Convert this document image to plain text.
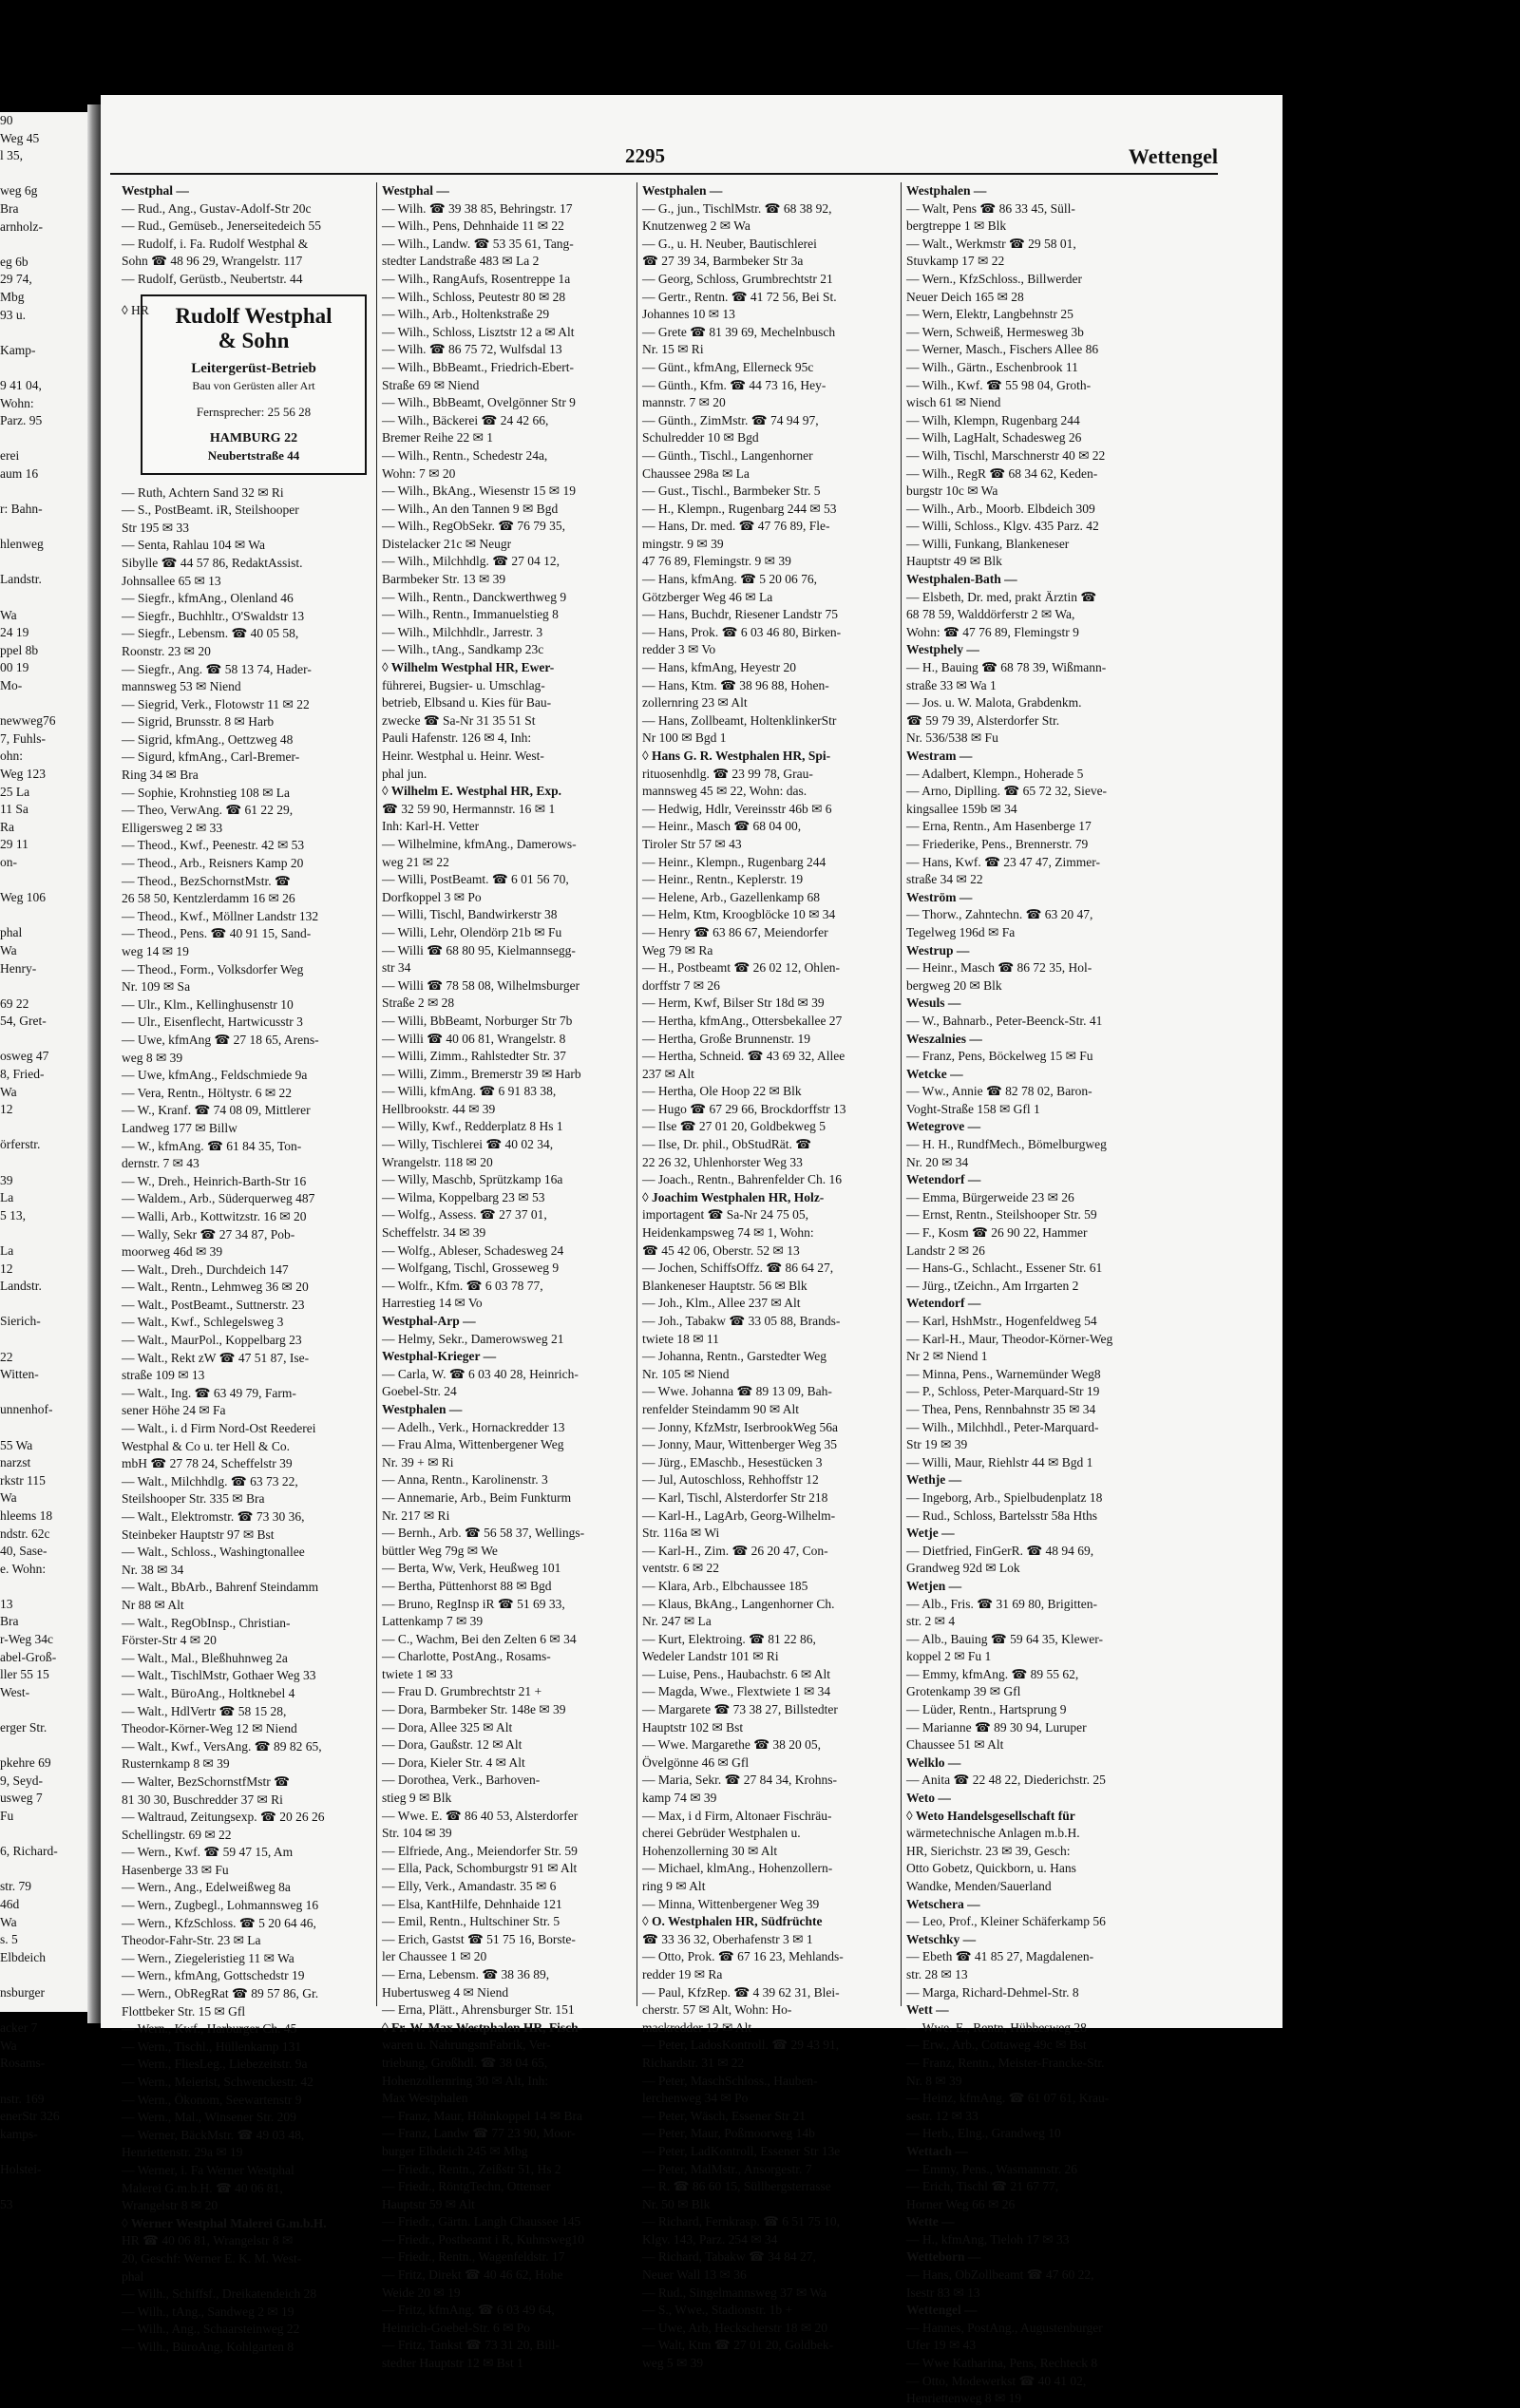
90
Weg 45
l 35,

weg 6g
Bra
arnholz-

eg 6b
29 74,
Mbg
93 u.

Kamp-

9 41 04,
Wohn:
Parz. 95

erei
aum 16

r: Bahn-

hlenweg

Landstr.

Wa
24 19
ppel 8b
00 19
Mo-

newweg76
7, Fuhls-
ohn:
Weg 123
25 La
11 Sa
Ra
29 11
on-

Weg 106

phal
Wa
Henry-

69 22
54, Gret-

osweg 47
8, Fried-
Wa
12

örferstr.

39
La
5 13,

La
12
Landstr.

Sierich-

22
Witten-

unnenhof-

55 Wa
narzst
rkstr 115
Wa
hleems 18
ndstr. 62c
40, Sase-
e. Wohn:

13
Bra
r-Weg 34c
abel-Groß-
ller 55 15
West-

erger Str.

pkehre 69
9, Seyd-
usweg 7
Fu

6, Richard-

str. 79
46d
Wa
s. 5
Elbdeich

nsburger

acker 7
Wa
Rosams-

nstr. 169
enerStr 326
kamps-

Holstei-

53
2295	Wettengel
Westphal —
— Rud., Ang., Gustav-Adolf-Str 20c
— Rud., Gemüseb., Jenerseitedeich 55
— Rudolf, i. Fa. Rudolf Westphal &
Sohn ☎ 48 96 29, Wrangelstr. 117
— Rudolf, Gerüstb., Neubertstr. 44
◊ HR	Rudolf Westphal
& Sohn
Leitergerüst-Betrieb
Bau von Gerüsten aller Art
Fernsprecher: 25 56 28
HAMBURG 22
Neubertstraße 44
— Ruth, Achtern Sand 32 ✉ Ri
— S., PostBeamt. iR, Steilshooper
Str 195 ✉ 33
— Senta, Rahlau 104 ✉ Wa
Sibylle ☎ 44 57 86, RedaktAssist.
Johnsallee 65 ✉ 13
— Siegfr., kfmAng., Olenland 46
— Siegfr., Buchhltr., O'Swaldstr 13
— Siegfr., Lebensm. ☎ 40 05 58,
Roonstr. 23 ✉ 20
— Siegfr., Ang. ☎ 58 13 74, Hader-
mannsweg 53 ✉ Niend
— Siegrid, Verk., Flotowstr 11 ✉ 22
— Sigrid, Brunsstr. 8 ✉ Harb
— Sigrid, kfmAng., Oettzweg 48
— Sigurd, kfmAng., Carl-Bremer-
Ring 34 ✉ Bra
— Sophie, Krohnstieg 108 ✉ La
— Theo, VerwAng. ☎ 61 22 29,
Elligersweg 2 ✉ 33
— Theod., Kwf., Peenestr. 42 ✉ 53
— Theod., Arb., Reisners Kamp 20
— Theod., BezSchornstMstr. ☎
26 58 50, Kentzlerdamm 16 ✉ 26
— Theod., Kwf., Möllner Landstr 132
— Theod., Pens. ☎ 40 91 15, Sand-
weg 14 ✉ 19
— Theod., Form., Volksdorfer Weg
Nr. 109 ✉ Sa
— Ulr., Klm., Kellinghusenstr 10
— Ulr., Eisenflecht, Hartwicusstr 3
— Uwe, kfmAng ☎ 27 18 65, Arens-
weg 8 ✉ 39
— Uwe, kfmAng., Feldschmiede 9a
— Vera, Rentn., Höltystr. 6 ✉ 22
— W., Kranf. ☎ 74 08 09, Mittlerer
Landweg 177 ✉ Billw
— W., kfmAng. ☎ 61 84 35, Ton-
dernstr. 7 ✉ 43
— W., Dreh., Heinrich-Barth-Str 16
— Waldem., Arb., Süderquerweg 487
— Walli, Arb., Kottwitzstr. 16 ✉ 20
— Wally, Sekr ☎ 27 34 87, Pob-
moorweg 46d ✉ 39
— Walt., Dreh., Durchdeich 147
— Walt., Rentn., Lehmweg 36 ✉ 20
— Walt., PostBeamt., Suttnerstr. 23
— Walt., Kwf., Schlegelsweg 3
— Walt., MaurPol., Koppelbarg 23
— Walt., Rekt zW ☎ 47 51 87, Ise-
straße 109 ✉ 13
— Walt., Ing. ☎ 63 49 79, Farm-
sener Höhe 24 ✉ Fa
— Walt., i. d Firm Nord-Ost Reederei
Westphal & Co u. ter Hell & Co.
mbH ☎ 27 78 24, Scheffelstr 39
— Walt., Milchhdlg. ☎ 63 73 22,
Steilshooper Str. 335 ✉ Bra
— Walt., Elektromstr. ☎ 73 30 36,
Steinbeker Hauptstr 97 ✉ Bst
— Walt., Schloss., Washingtonallee
Nr. 38 ✉ 34
— Walt., BbArb., Bahrenf Steindamm
Nr 88 ✉ Alt
— Walt., RegObInsp., Christian-
Förster-Str 4 ✉ 20
— Walt., Mal., Bleßhuhnweg 2a
— Walt., TischlMstr, Gothaer Weg 33
— Walt., BüroAng., Holtknebel 4
— Walt., HdlVertr ☎ 58 15 28,
Theodor-Körner-Weg 12 ✉ Niend
— Walt., Kwf., VersAng. ☎ 89 82 65,
Rusternkamp 8 ✉ 39
— Walter, BezSchornstfMstr ☎
81 30 30, Buschredder 37 ✉ Ri
— Waltraud, Zeitungsexp. ☎ 20 26 26
Schellingstr. 69 ✉ 22
— Wern., Kwf. ☎ 59 47 15, Am
Hasenberge 33 ✉ Fu
— Wern., Ang., Edelweißweg 8a
— Wern., Zugbegl., Lohmannsweg 16
— Wern., KfzSchloss. ☎ 5 20 64 46,
Theodor-Fahr-Str. 23 ✉ La
— Wern., Ziegeleristieg 11 ✉ Wa
— Wern., kfmAng, Gottschedstr 19
— Wern., ObRegRat ☎ 89 57 86, Gr.
Flottbeker Str. 15 ✉ Gfl
— Wern., Kwf., Harburger Ch. 45
— Wern., Tischl., Hüllenkamp 131
— Wern., FliesLeg., Liebezeitstr. 9a
— Wern., Meierist, Schwenckestr. 42
— Wern., Ökonom, Seewartenstr 9
— Wern., Mal., Winsener Str. 209
— Werner, BäckMstr. ☎ 49 03 48,
Henriettenstr. 29a ✉ 19
— Werner, i. Fa Werner Westphal
Malerei G.m.b.H. ☎ 40 06 81,
Wrangelstr 8 ✉ 20
◊ Werner Westphal Malerei G.m.b.H.
HR ☎ 40 06 81, Wrangelstr 8 ✉
20, Geschf: Werner E. K. M. West-
phal
— Wilh., Schiffsf., Dreikatendeich 28
— Wilh., tAng., Sandweg 2 ✉ 19
— Wilh., Ang., Schaarsteinweg 22
— Wilh., BüroAng, Kohlgarten 8
Westphal —
— Wilh. ☎ 39 38 85, Behringstr. 17
— Wilh., Pens, Dehnhaide 11 ✉ 22
— Wilh., Landw. ☎ 53 35 61, Tang-
stedter Landstraße 483 ✉ La 2
— Wilh., RangAufs, Rosentreppe 1a
— Wilh., Schloss, Peutestr 80 ✉ 28
— Wilh., Arb., Holtenkstraße 29
— Wilh., Schloss, Lisztstr 12 a ✉ Alt
— Wilh. ☎ 86 75 72, Wulfsdal 13
— Wilh., BbBeamt., Friedrich-Ebert-
Straße 69 ✉ Niend
— Wilh., BbBeamt, Ovelgönner Str 9
— Wilh., Bäckerei ☎ 24 42 66,
Bremer Reihe 22 ✉ 1
— Wilh., Rentn., Schedestr 24a,
Wohn: 7 ✉ 20
— Wilh., BkAng., Wiesenstr 15 ✉ 19
— Wilh., An den Tannen 9 ✉ Bgd
— Wilh., RegObSekr. ☎ 76 79 35,
Distelacker 21c ✉ Neugr
— Wilh., Milchhdlg. ☎ 27 04 12,
Barmbeker Str. 13 ✉ 39
— Wilh., Rentn., Danckwerthweg 9
— Wilh., Rentn., Immanuelstieg 8
— Wilh., Milchhdlr., Jarrestr. 3
— Wilh., tAng., Sandkamp 23c
◊ Wilhelm Westphal HR, Ewer-
führerei, Bugsier- u. Umschlag-
betrieb, Elbsand u. Kies für Bau-
zwecke ☎ Sa-Nr 31 35 51 St
Pauli Hafenstr. 126 ✉ 4, Inh:
Heinr. Westphal u. Heinr. West-
phal jun.
◊ Wilhelm E. Westphal HR, Exp.
☎ 32 59 90, Hermannstr. 16 ✉ 1
Inh: Karl-H. Vetter
— Wilhelmine, kfmAng., Damerows-
weg 21 ✉ 22
— Willi, PostBeamt. ☎ 6 01 56 70,
Dorfkoppel 3 ✉ Po
— Willi, Tischl, Bandwirkerstr 38
— Willi, Lehr, Olendörp 21b ✉ Fu
— Willi ☎ 68 80 95, Kielmannsegg-
str 34
— Willi ☎ 78 58 08, Wilhelmsburger
Straße 2 ✉ 28
— Willi, BbBeamt, Norburger Str 7b
— Willi ☎ 40 06 81, Wrangelstr. 8
— Willi, Zimm., Rahlstedter Str. 37
— Willi, Zimm., Bremerstr 39 ✉ Harb
— Willi, kfmAng. ☎ 6 91 83 38,
Hellbrookstr. 44 ✉ 39
— Willy, Kwf., Redderplatz 8 Hs 1
— Willy, Tischlerei ☎ 40 02 34,
Wrangelstr. 118 ✉ 20
— Willy, Maschb, Sprützkamp 16a
— Wilma, Koppelbarg 23 ✉ 53
— Wolfg., Assess. ☎ 27 37 01,
Scheffelstr. 34 ✉ 39
— Wolfg., Ableser, Schadesweg 24
— Wolfgang, Tischl, Grosseweg 9
— Wolfr., Kfm. ☎ 6 03 78 77,
Harrestieg 14 ✉ Vo
Westphal-Arp —
— Helmy, Sekr., Damerowsweg 21
Westphal-Krieger —
— Carla, W. ☎ 6 03 40 28, Heinrich-
Goebel-Str. 24
Westphalen —
— Adelh., Verk., Hornackredder 13
— Frau Alma, Wittenbergener Weg
Nr. 39 + ✉ Ri
— Anna, Rentn., Karolinenstr. 3
— Annemarie, Arb., Beim Funkturm
Nr. 217 ✉ Ri
— Bernh., Arb. ☎ 56 58 37, Wellings-
büttler Weg 79g ✉ We
— Berta, Ww, Verk, Heußweg 101
— Bertha, Püttenhorst 88 ✉ Bgd
— Bruno, RegInsp iR ☎ 51 69 33,
Lattenkamp 7 ✉ 39
— C., Wachm, Bei den Zelten 6 ✉ 34
— Charlotte, PostAng., Rosams-
twiete 1 ✉ 33
— Frau D. Grumbrechtstr 21 +
— Dora, Barmbeker Str. 148e ✉ 39
— Dora, Allee 325 ✉ Alt
— Dora, Gaußstr. 12 ✉ Alt
— Dora, Kieler Str. 4 ✉ Alt
— Dorothea, Verk., Barhoven-
stieg 9 ✉ Blk
— Wwe. E. ☎ 86 40 53, Alsterdorfer
Str. 104 ✉ 39
— Elfriede, Ang., Meiendorfer Str. 59
— Ella, Pack, Schomburgstr 91 ✉ Alt
— Elly, Verk., Amandastr. 35 ✉ 6
— Elsa, KantHilfe, Dehnhaide 121
— Emil, Rentn., Hultschiner Str. 5
— Erich, Gastst ☎ 51 75 16, Borste-
ler Chaussee 1 ✉ 20
— Erna, Lebensm. ☎ 38 36 89,
Hubertusweg 4 ✉ Niend
— Erna, Plätt., Ahrensburger Str. 151
◊ Fr. W. Max Westphalen HR, Fisch-
waren u. NahrungsmFabrik, Ver-
triebung, Großhdl. ☎ 38 04 65,
Hohenzollernring 30 ✉ Alt, Inh:
Max Westphalen
— Franz, Maur, Höhnkoppel 14 ✉ Bra
— Franz, Landw ☎ 77 23 90, Moor-
burger Elbdeich 245 ✉ Mbg
— Friedr., Rentn., Zeißstr 51, Hs 2
— Friedr., RöntgTechn, Ottenser
Hauptstr 59 ✉ Alt
— Friedr., Gärtn. Langh Chaussee 145
— Friedr., Postbeamt i R, Kuhnsweg10
— Friedr., Rentn., Wagenfeldstr. 17
— Fritz, Direkt ☎ 40 46 62, Hohe
Weide 20 ✉ 19
— Fritz, kfmAng. ☎ 6 03 49 64,
Heinrich-Goebel-Str. 6 ✉ Po
— Fritz, Tankst ☎ 73 31 20, Bill-
stedter Hauptstr 12 ✉ Bst 1
Westphalen —
— G., jun., TischlMstr. ☎ 68 38 92,
Knutzenweg 2 ✉ Wa
— G., u. H. Neuber, Bautischlerei
☎ 27 39 34, Barmbeker Str 3a
— Georg, Schloss, Grumbrechtstr 21
— Gertr., Rentn. ☎ 41 72 56, Bei St.
Johannes 10 ✉ 13
— Grete ☎ 81 39 69, Mechelnbusch
Nr. 15 ✉ Ri
— Günt., kfmAng, Ellerneck 95c
— Günth., Kfm. ☎ 44 73 16, Hey-
mannstr. 7 ✉ 20
— Günth., ZimMstr. ☎ 74 94 97,
Schulredder 10 ✉ Bgd
— Günth., Tischl., Langenhorner
Chaussee 298a ✉ La
— Gust., Tischl., Barmbeker Str. 5
— H., Klempn., Rugenbarg 244 ✉ 53
— Hans, Dr. med. ☎ 47 76 89, Fle-
mingstr. 9 ✉ 39
47 76 89, Flemingstr. 9 ✉ 39
— Hans, kfmAng. ☎ 5 20 06 76,
Götzberger Weg 46 ✉ La
— Hans, Buchdr, Riesener Landstr 75
— Hans, Prok. ☎ 6 03 46 80, Birken-
redder 3 ✉ Vo
— Hans, kfmAng, Heyestr 20
— Hans, Ktm. ☎ 38 96 88, Hohen-
zollernring 23 ✉ Alt
— Hans, Zollbeamt, HoltenklinkerStr
Nr 100 ✉ Bgd 1
◊ Hans G. R. Westphalen HR, Spi-
rituosenhdlg. ☎ 23 99 78, Grau-
mannsweg 45 ✉ 22, Wohn: das.
— Hedwig, Hdlr, Vereinsstr 46b ✉ 6
— Heinr., Masch ☎ 68 04 00,
Tiroler Str 57 ✉ 43
— Heinr., Klempn., Rugenbarg 244
— Heinr., Rentn., Keplerstr. 19
— Helene, Arb., Gazellenkamp 68
— Helm, Ktm, Kroogblöcke 10 ✉ 34
— Henry ☎ 63 86 67, Meiendorfer
Weg 79 ✉ Ra
— H., Postbeamt ☎ 26 02 12, Ohlen-
dorffstr 7 ✉ 26
— Herm, Kwf, Bilser Str 18d ✉ 39
— Hertha, kfmAng., Ottersbekallee 27
— Hertha, Große Brunnenstr. 19
— Hertha, Schneid. ☎ 43 69 32, Allee
237 ✉ Alt
— Hertha, Ole Hoop 22 ✉ Blk
— Hugo ☎ 67 29 66, Brockdorffstr 13
— Ilse ☎ 27 01 20, Goldbekweg 5
— Ilse, Dr. phil., ObStudRät. ☎
22 26 32, Uhlenhorster Weg 33
— Joach., Rentn., Bahrenfelder Ch. 16
◊ Joachim Westphalen HR, Holz-
importagent ☎ Sa-Nr 24 75 05,
Heidenkampsweg 74 ✉ 1, Wohn:
☎ 45 42 06, Oberstr. 52 ✉ 13
— Jochen, SchiffsOffz. ☎ 86 64 27,
Blankeneser Hauptstr. 56 ✉ Blk
— Joh., Klm., Allee 237 ✉ Alt
— Joh., Tabakw ☎ 33 05 88, Brands-
twiete 18 ✉ 11
— Johanna, Rentn., Garstedter Weg
Nr. 105 ✉ Niend
— Wwe. Johanna ☎ 89 13 09, Bah-
renfelder Steindamm 90 ✉ Alt
— Jonny, KfzMstr, IserbrookWeg 56a
— Jonny, Maur, Wittenberger Weg 35
— Jürg., EMaschb., Hesestücken 3
— Jul, Autoschloss, Rehhoffstr 12
— Karl, Tischl, Alsterdorfer Str 218
— Karl-H., LagArb, Georg-Wilhelm-
Str. 116a ✉ Wi
— Karl-H., Zim. ☎ 26 20 47, Con-
ventstr. 6 ✉ 22
— Klara, Arb., Elbchaussee 185
— Klaus, BkAng., Langenhorner Ch.
Nr. 247 ✉ La
— Kurt, Elektroing. ☎ 81 22 86,
Wedeler Landstr 101 ✉ Ri
— Luise, Pens., Haubachstr. 6 ✉ Alt
— Magda, Wwe., Flextwiete 1 ✉ 34
— Margarete ☎ 73 38 27, Billstedter
Hauptstr 102 ✉ Bst
— Wwe. Margarethe ☎ 38 20 05,
Övelgönne 46 ✉ Gfl
— Maria, Sekr. ☎ 27 84 34, Krohns-
kamp 74 ✉ 39
— Max, i d Firm, Altonaer Fischräu-
cherei Gebrüder Westphalen u.
Hohenzollerning 30 ✉ Alt
— Michael, klmAng., Hohenzollern-
ring 9 ✉ Alt
— Minna, Wittenbergener Weg 39
◊ O. Westphalen HR, Südfrüchte
☎ 33 36 32, Oberhafenstr 3 ✉ 1
— Otto, Prok. ☎ 67 16 23, Mehlands-
redder 19 ✉ Ra
— Paul, KfzRep. ☎ 4 39 62 31, Blei-
cherstr. 57 ✉ Alt, Wohn: Ho-
mackredder 13 ✉ Alt
— Peter, LadosKontroll. ☎ 29 43 91,
Richardstr. 31 ✉ 22
— Peter, MaschSchloss., Hauben-
lerchenweg 34 ✉ Po
— Peter, Wäsch, Essener Str 21
— Peter, Maur, Poßmoorweg 14b
— Peter, LadKontroll, Essener Str 13e
— Peter, MalMstr., Ansorgestr. 7
— R. ☎ 86 60 15, Süllbergsterrasse
Nr. 50 ✉ Blk
— Richard, Fernkrasp. ☎ 6 51 75 10,
Klgv. 143, Parz. 254 ✉ 34
— Richard, Tabakw ☎ 34 84 27,
Neuer Wall 13 ✉ 36
— Rud., Singelmannsweg 37 ✉ Wa
— S., Wwe., Stadionstr. 1b +
— Uwe, Arb, Heckscherstr 18 ✉ 20
— Walt, Ktm ☎ 27 01 20, Goldbek-
weg 5 ✉ 39
Westphalen —
— Walt, Pens ☎ 86 33 45, Süll-
bergtreppe 1 ✉ Blk
— Walt., Werkmstr ☎ 29 58 01,
Stuvkamp 17 ✉ 22
— Wern., KfzSchloss., Billwerder
Neuer Deich 165 ✉ 28
— Wern, Elektr, Langbehnstr 25
— Wern, Schweiß, Hermesweg 3b
— Werner, Masch., Fischers Allee 86
— Wilh., Gärtn., Eschenbrook 11
— Wilh., Kwf. ☎ 55 98 04, Groth-
wisch 61 ✉ Niend
— Wilh, Klempn, Rugenbarg 244
— Wilh, LagHalt, Schadesweg 26
— Wilh, Tischl, Marschnerstr 40 ✉ 22
— Wilh., RegR ☎ 68 34 62, Keden-
burgstr 10c ✉ Wa
— Wilh., Arb., Moorb. Elbdeich 309
— Willi, Schloss., Klgv. 435 Parz. 42
— Willi, Funkang, Blankeneser
Hauptstr 49 ✉ Blk
Westphalen-Bath —
— Elsbeth, Dr. med, prakt Ärztin ☎
68 78 59, Walddörferstr 2 ✉ Wa,
Wohn: ☎ 47 76 89, Flemingstr 9
Westphely —
— H., Bauing ☎ 68 78 39, Wißmann-
straße 33 ✉ Wa 1
— Jos. u. W. Malota, Grabdenkm.
☎ 59 79 39, Alsterdorfer Str.
Nr. 536/538 ✉ Fu
Westram —
— Adalbert, Klempn., Hoherade 5
— Arno, Diplling. ☎ 65 72 32, Sieve-
kingsallee 159b ✉ 34
— Erna, Rentn., Am Hasenberge 17
— Friederike, Pens., Brennerstr. 79
— Hans, Kwf. ☎ 23 47 47, Zimmer-
straße 34 ✉ 22
Weström —
— Thorw., Zahntechn. ☎ 63 20 47,
Tegelweg 196d ✉ Fa
Westrup —
— Heinr., Masch ☎ 86 72 35, Hol-
bergweg 20 ✉ Blk
Wesuls —
— W., Bahnarb., Peter-Beenck-Str. 41
Weszalnies —
— Franz, Pens, Böckelweg 15 ✉ Fu
Wetcke —
— Ww., Annie ☎ 82 78 02, Baron-
Voght-Straße 158 ✉ Gfl 1
Wetegrove —
— H. H., RundfMech., Bömelburgweg
Nr. 20 ✉ 34
Wetendorf —
— Emma, Bürgerweide 23 ✉ 26
— Ernst, Rentn., Steilshooper Str. 59
— F., Kosm ☎ 26 90 22, Hammer
Landstr 2 ✉ 26
— Hans-G., Schlacht., Essener Str. 61
— Jürg., tZeichn., Am Irrgarten 2
Wetendorf —
— Karl, HshMstr., Hogenfeldweg 54
— Karl-H., Maur, Theodor-Körner-Weg
Nr 2 ✉ Niend 1
— Minna, Pens., Warnemünder Weg8
— P., Schloss, Peter-Marquard-Str 19
— Thea, Pens, Rennbahnstr 35 ✉ 34
— Wilh., Milchhdl., Peter-Marquard-
Str 19 ✉ 39
— Willi, Maur, Riehlstr 44 ✉ Bgd 1
Wethje —
— Ingeborg, Arb., Spielbudenplatz 18
— Rud., Schloss, Bartelsstr 58a Hths
Wetje —
— Dietfried, FinGerR. ☎ 48 94 69,
Grandweg 92d ✉ Lok
Wetjen —
— Alb., Fris. ☎ 31 69 80, Brigitten-
str. 2 ✉ 4
— Alb., Bauing ☎ 59 64 35, Klewer-
koppel 2 ✉ Fu 1
— Emmy, kfmAng. ☎ 89 55 62,
Grotenkamp 39 ✉ Gfl
— Lüder, Rentn., Hartsprung 9
— Marianne ☎ 89 30 94, Luruper
Chaussee 51 ✉ Alt
Welklo —
— Anita ☎ 22 48 22, Diederichstr. 25
Weto —
◊ Weto Handelsgesellschaft für
wärmetechnische Anlagen m.b.H.
HR, Sierichstr. 23 ✉ 39, Gesch:
Otto Gobetz, Quickborn, u. Hans
Wandke, Menden/Sauerland
Wetschera —
— Leo, Prof., Kleiner Schäferkamp 56
Wetschky —
— Ebeth ☎ 41 85 27, Magdalenen-
str. 28 ✉ 13
— Marga, Richard-Dehmel-Str. 8
Wett —
— Wwe. E., Rentn, Hübbesweg 28
— Erw., Arb., Cottaweg 49c ✉ Bst
— Franz, Rentn., Meister-Francke-Str.
Nr. 8 ✉ 39
— Heinz, kfmAng. ☎ 61 07 61, Krau-
sestr. 12 ✉ 33
— Herb., Elng., Grandweg 10
Wettach —
— Emmy, Pens., Wasmannstr. 26
— Erich, Tischl ☎ 21 67 77,
Horner Weg 66 ✉ 26
Wette —
— H., kfmAng, Tieloh 17 ✉ 33
Wetteborn —
— Hans, ObZollbeamt ☎ 47 60 22,
Isestr 83 ✉ 13
Wettengel —
— Hannes, PostAng., Augustenburger
Ufer 19 ✉ 43
— Wwe Katharina, Pens, Rechteck 8
— Otto, Modewerkst ☎ 40 41 02,
Henriettenweg 8 ✉ 19
